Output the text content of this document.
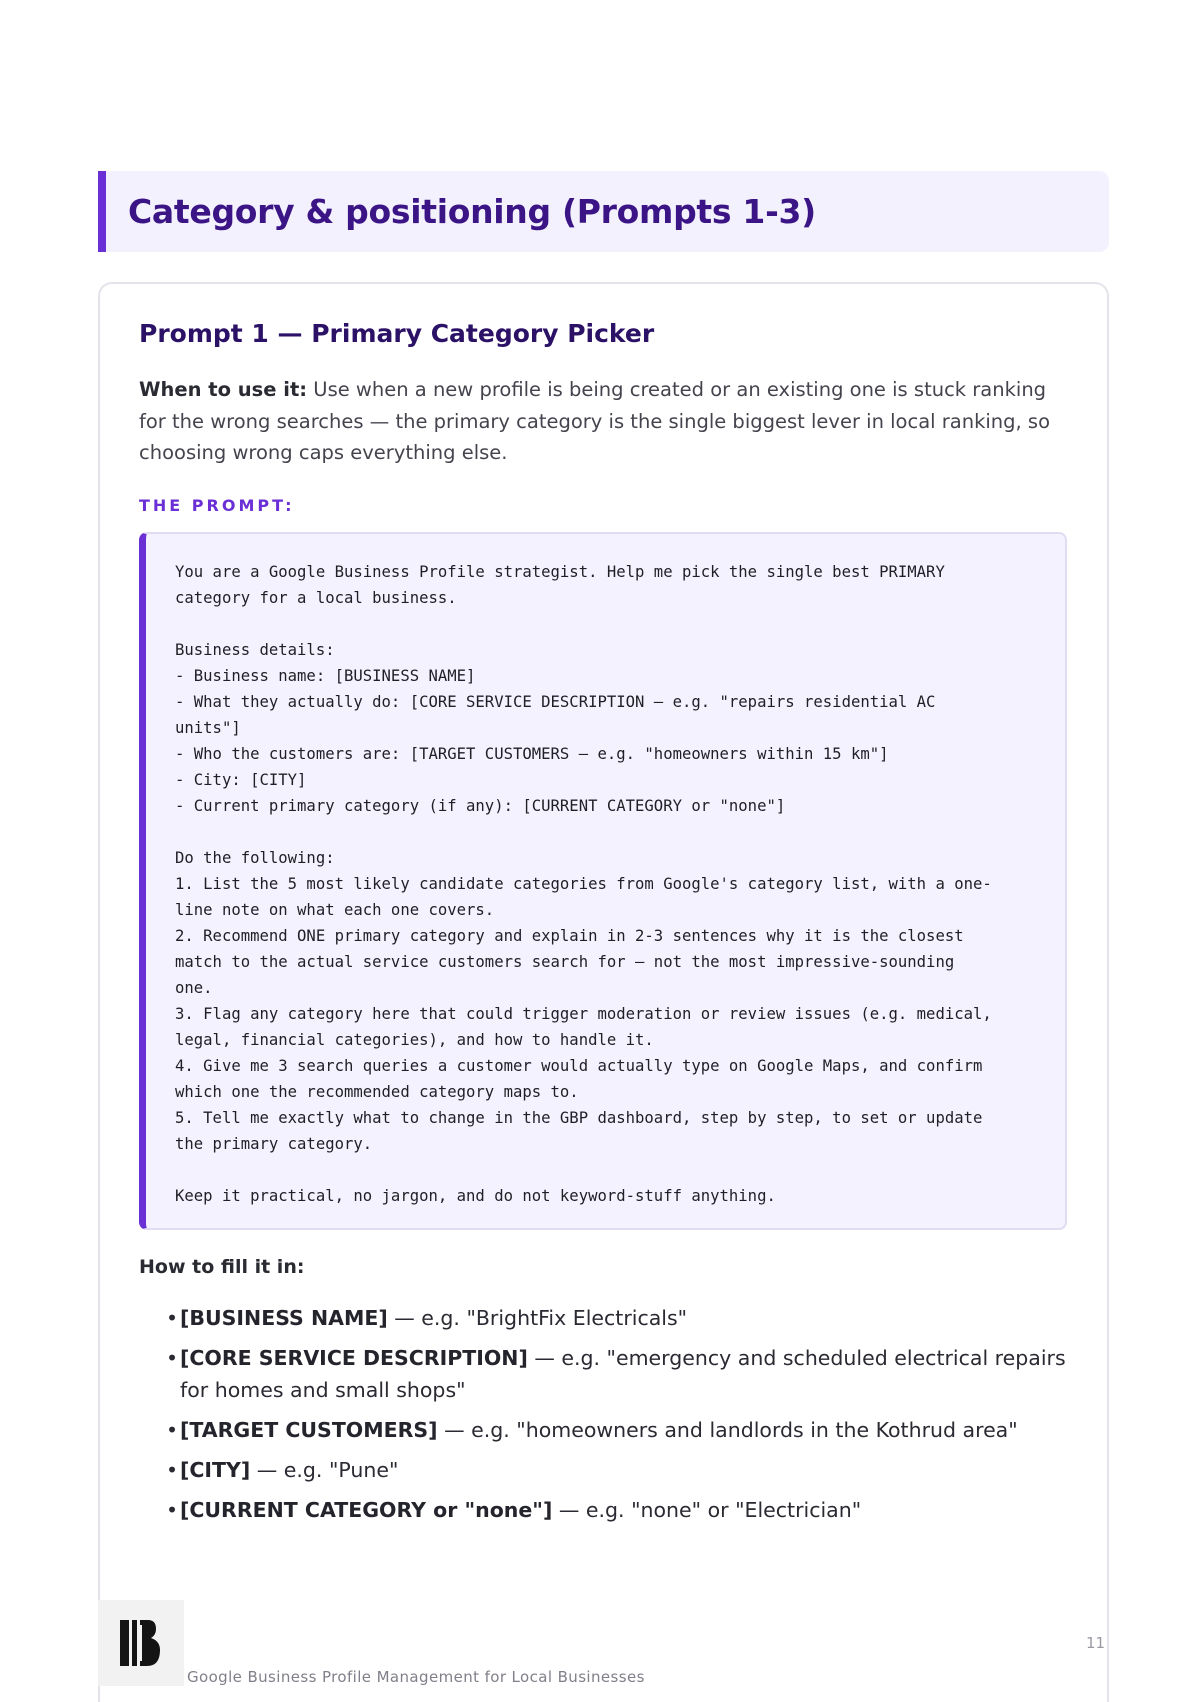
Category & positioning (Prompts 1-3)
Prompt 1 — Primary Category Picker

When to use it: Use when a new profile is being created or an existing one is stuck ranking for the wrong searches — the primary category is the single biggest lever in local ranking, so choosing wrong caps everything else.

THE PROMPT:

You are a Google Business Profile strategist. Help me pick the single best PRIMARY
category for a local business.

Business details:
- Business name: [BUSINESS NAME]
- What they actually do: [CORE SERVICE DESCRIPTION — e.g. "repairs residential AC
units"]
- Who the customers are: [TARGET CUSTOMERS — e.g. "homeowners within 15 km"]
- City: [CITY]
- Current primary category (if any): [CURRENT CATEGORY or "none"]

Do the following:
1. List the 5 most likely candidate categories from Google's category list, with a one-
line note on what each one covers.
2. Recommend ONE primary category and explain in 2-3 sentences why it is the closest
match to the actual service customers search for — not the most impressive-sounding
one.
3. Flag any category here that could trigger moderation or review issues (e.g. medical,
legal, financial categories), and how to handle it.
4. Give me 3 search queries a customer would actually type on Google Maps, and confirm
which one the recommended category maps to.
5. Tell me exactly what to change in the GBP dashboard, step by step, to set or update
the primary category.

Keep it practical, no jargon, and do not keyword-stuff anything.

How to fill it in:

• [BUSINESS NAME] — e.g. "BrightFix Electricals"
• [CORE SERVICE DESCRIPTION] — e.g. "emergency and scheduled electrical repairs for homes and small shops"
• [TARGET CUSTOMERS] — e.g. "homeowners and landlords in the Kothrud area"
• [CITY] — e.g. "Pune"
• [CURRENT CATEGORY or "none"] — e.g. "none" or "Electrician"

Google Business Profile Management for Local Businesses

11
